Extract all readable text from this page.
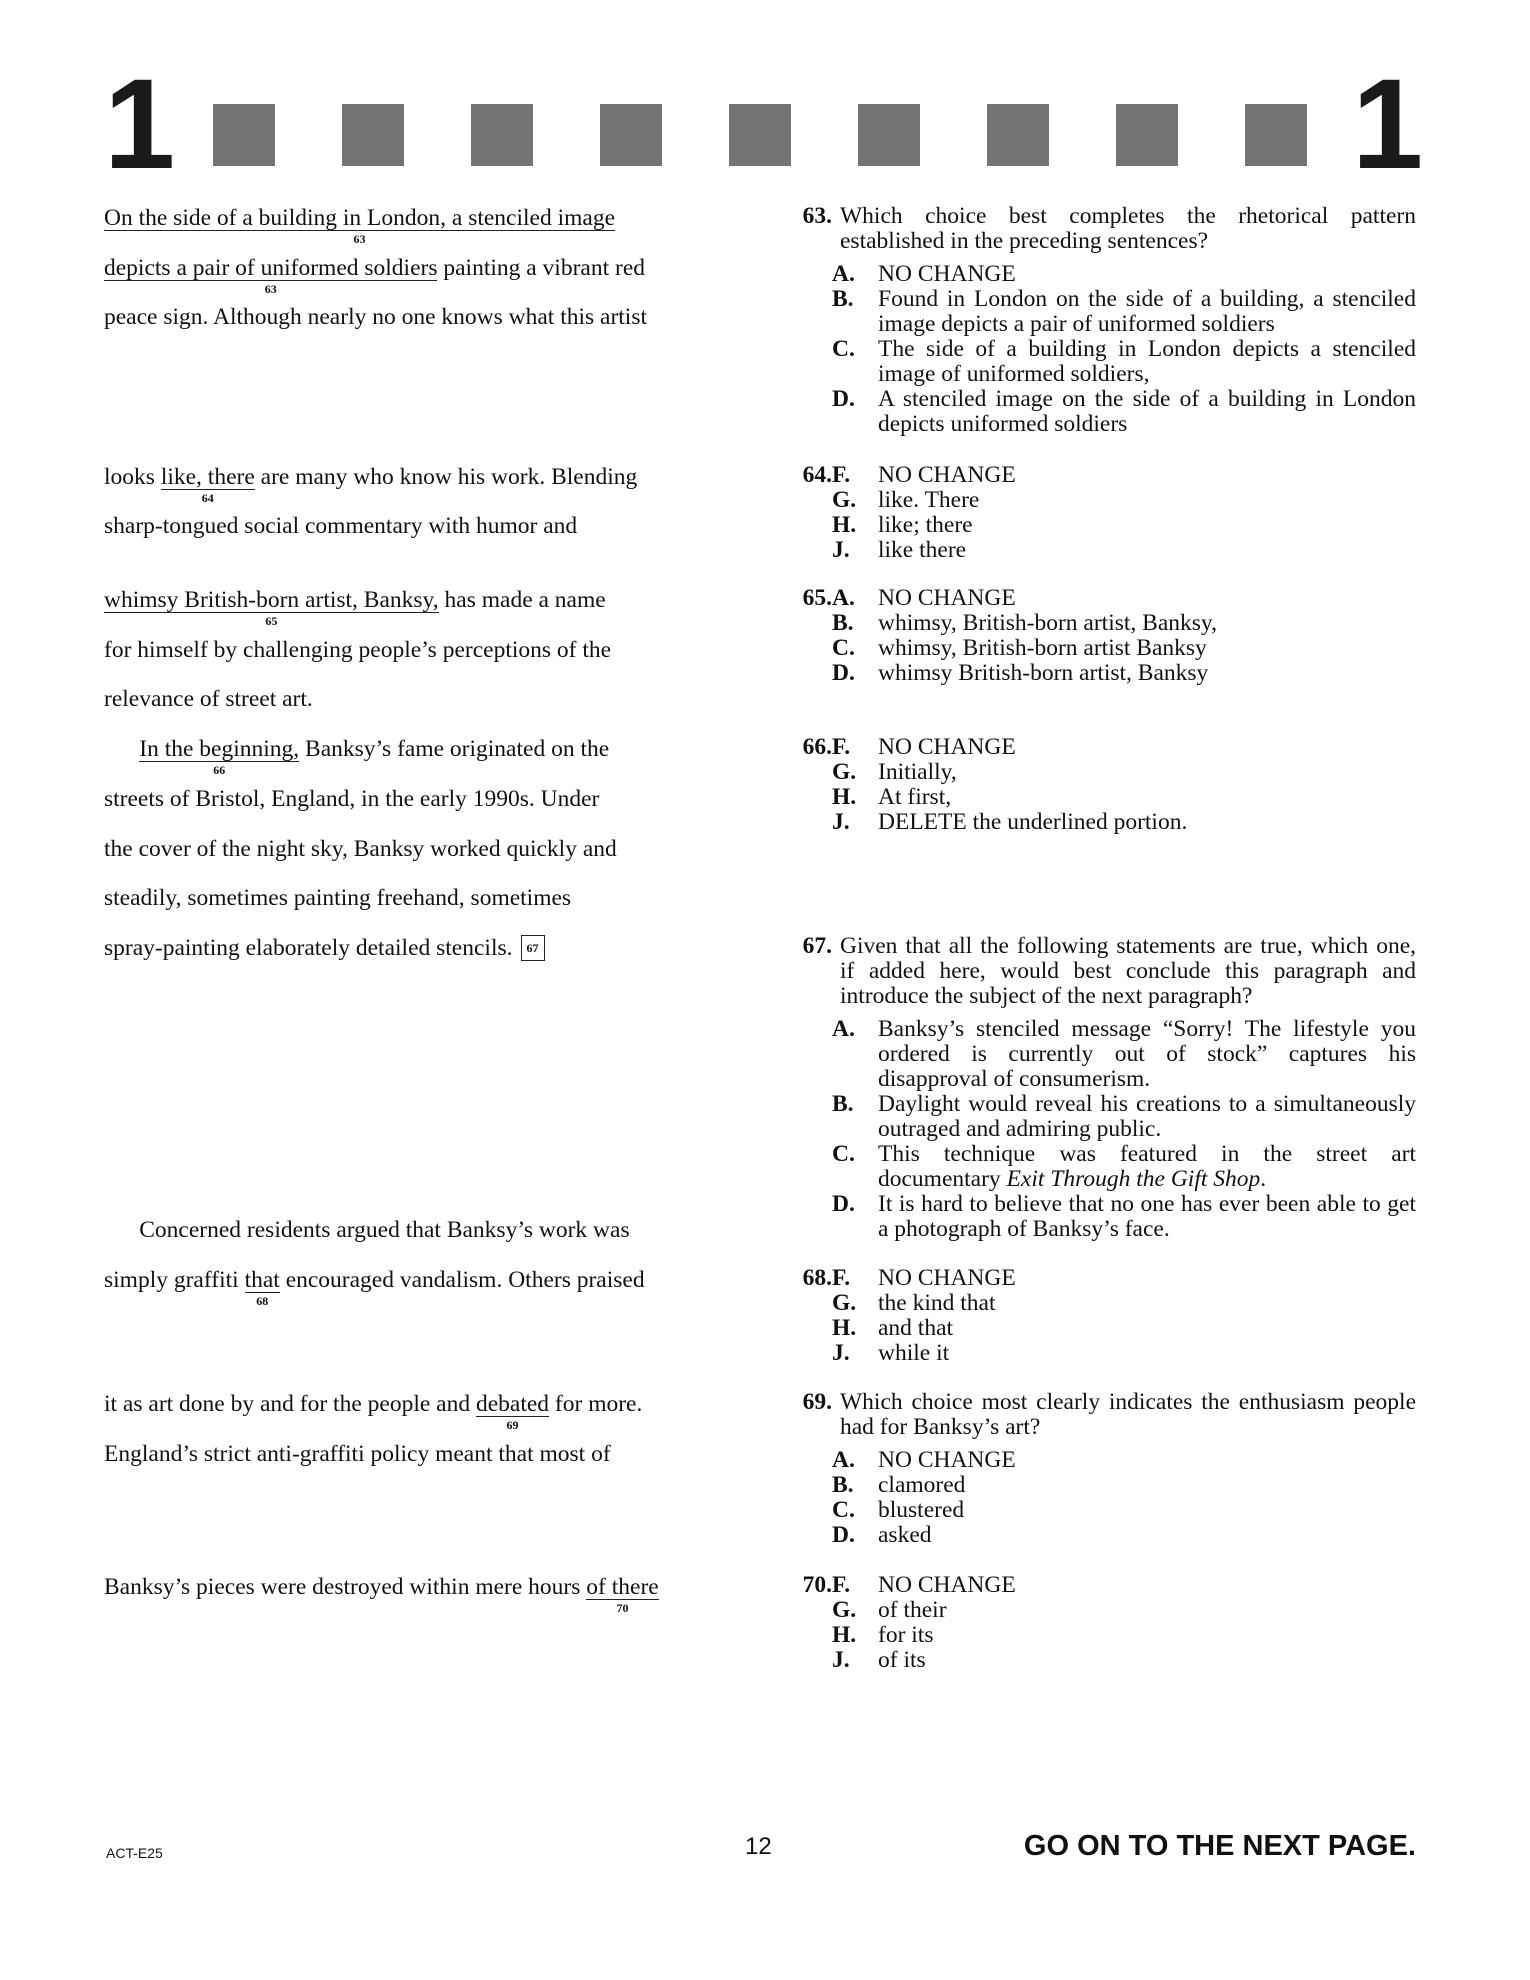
1	1
On the side of a building in London, a stenciled image
63
depicts a pair of uniformed soldiers
63
painting a vibrant red
peace sign. Although nearly no one knows what this artist
looks like, there
64
are many who know his work. Blending
sharp-tongued social commentary with humor and
whimsy British-born artist, Banksy,
65
has made a name
for himself by challenging people’s perceptions of the
relevance of street art.
In the beginning,
66
Banksy’s fame originated on the
streets of Bristol, England, in the early 1990s. Under
the cover of the night sky, Banksy worked quickly and
steadily, sometimes painting freehand, sometimes
spray-painting elaborately detailed stencils. 67
Concerned residents argued that Banksy’s work was
simply graffiti that
68
encouraged vandalism. Others praised
it as art done by and for the people and debated
69
for more.
England’s strict anti-graffiti policy meant that most of
Banksy’s pieces were destroyed within mere hours of there
70
63. Which choice best completes the rhetorical pattern established in the preceding sentences?
A. NO CHANGE
B.	Found in London on the side of a building, a stenciled image depicts a pair of uniformed soldiers
C. The side of a building in London depicts a stenciled image of uniformed soldiers,
D. A stenciled image on the side of a building in London depicts uniformed soldiers
64. F.	NO CHANGE
G. like. There
H. like; there
J.	like there
65. A. NO CHANGE
B.	whimsy, British-born artist, Banksy,
C. whimsy, British-born artist Banksy
D. whimsy British-born artist, Banksy
66. F.	NO CHANGE
G. Initially,
H. At first,
J.	DELETE the underlined portion.
67. Given that all the following statements are true, which one, if added here, would best conclude this paragraph and introduce the subject of the next paragraph?
A. Banksy’s stenciled message “Sorry! The lifestyle you ordered is currently out of stock” captures his disapproval of consumerism.
B.	Daylight would reveal his creations to a simultaneously outraged and admiring public.
C. This technique was featured in the street art documentary Exit Through the Gift Shop.
D. It is hard to believe that no one has ever been able to get a photograph of Banksy’s face.
68. F.	NO CHANGE
G. the kind that
H. and that
J.	while it
69. Which choice most clearly indicates the enthusiasm people had for Banksy’s art?
A. NO CHANGE
B.	clamored
C. blustered
D. asked
70. F.	NO CHANGE
G. of their
H. for its
J.	of its
ACT-E25	12	GO ON TO THE NEXT PAGE.
